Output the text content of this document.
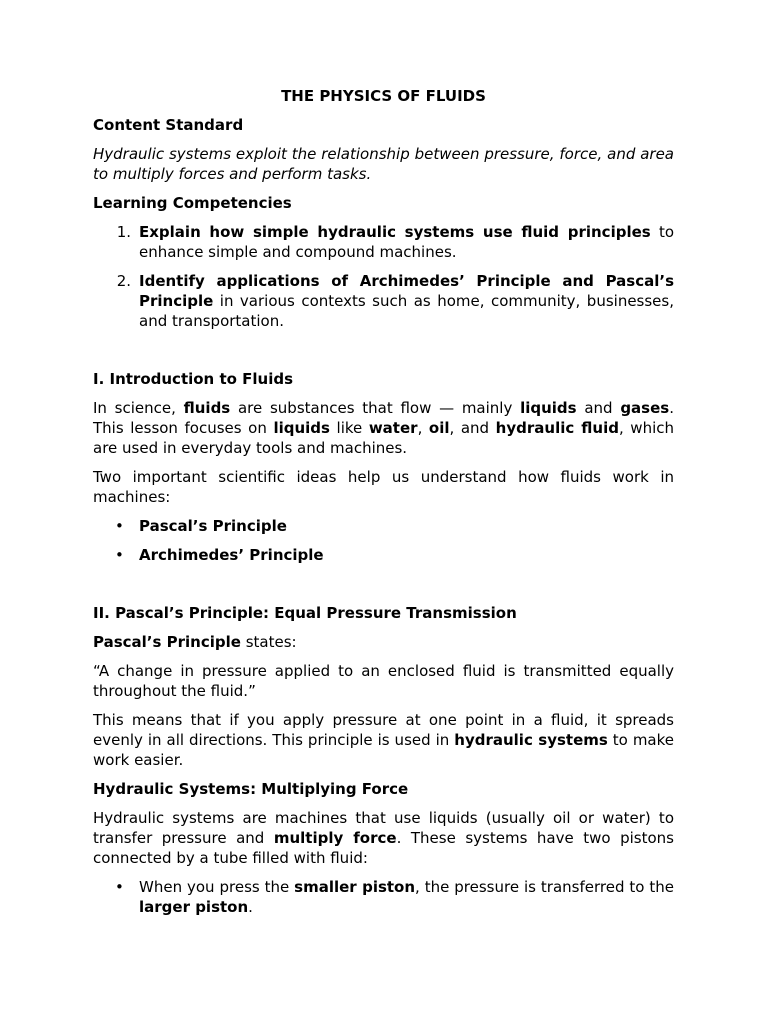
THE PHYSICS OF FLUIDS

Content Standard

Hydraulic systems exploit the relationship between pressure, force, and area to multiply forces and perform tasks.

Learning Competencies

1. Explain how simple hydraulic systems use fluid principles to enhance simple and compound machines.
2. Identify applications of Archimedes’ Principle and Pascal’s Principle in various contexts such as home, community, businesses, and transportation.

I. Introduction to Fluids

In science, fluids are substances that flow — mainly liquids and gases. This lesson focuses on liquids like water, oil, and hydraulic fluid, which are used in everyday tools and machines.

Two important scientific ideas help us understand how fluids work in machines:

• Pascal’s Principle
• Archimedes’ Principle

II. Pascal’s Principle: Equal Pressure Transmission

Pascal’s Principle states:

“A change in pressure applied to an enclosed fluid is transmitted equally throughout the fluid.”

This means that if you apply pressure at one point in a fluid, it spreads evenly in all directions. This principle is used in hydraulic systems to make work easier.

Hydraulic Systems: Multiplying Force

Hydraulic systems are machines that use liquids (usually oil or water) to transfer pressure and multiply force. These systems have two pistons connected by a tube filled with fluid:

• When you press the smaller piston, the pressure is transferred to the larger piston.
